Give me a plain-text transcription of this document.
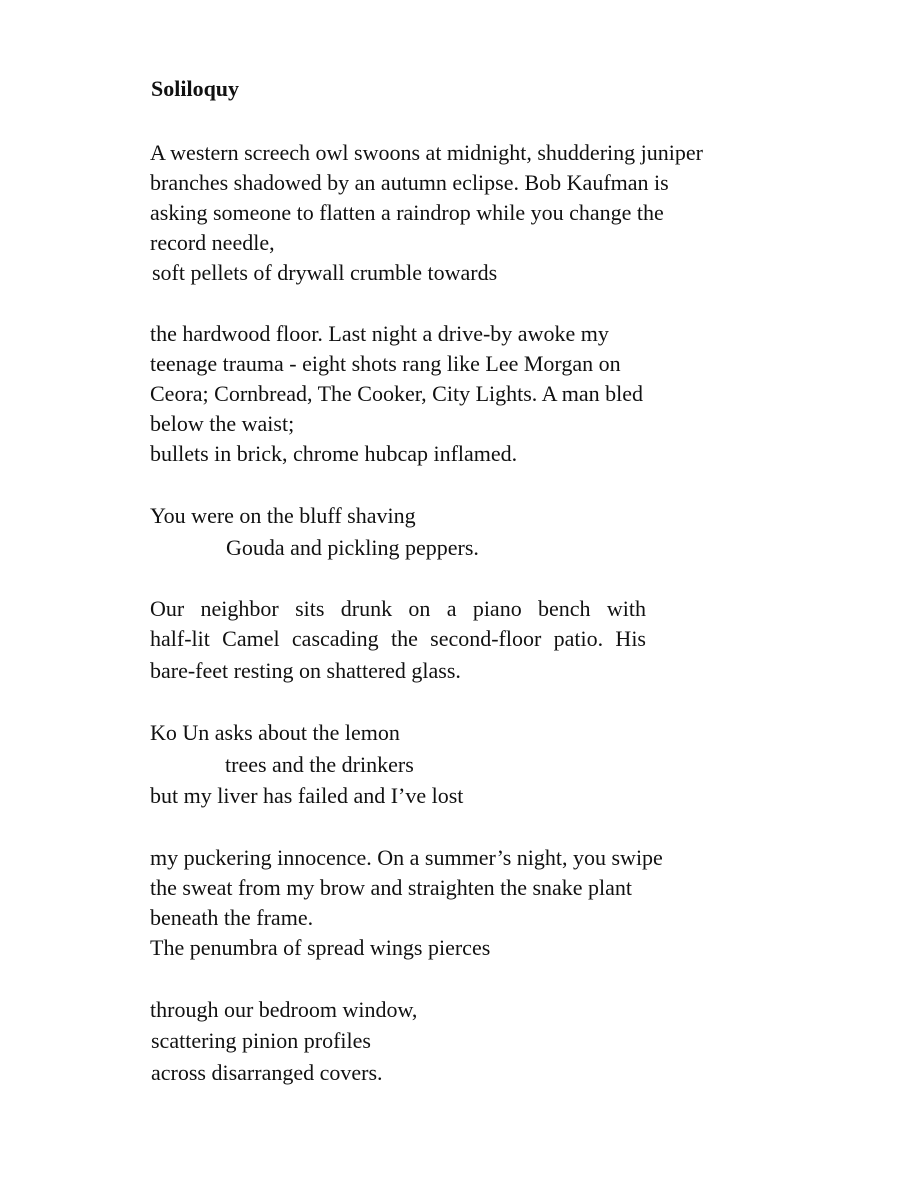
Soliloquy

A western screech owl swoons at midnight, shuddering juniper

branches shadowed by an autumn eclipse. Bob Kaufman is

asking someone to flatten a raindrop while you change the

record needle,

soft pellets of drywall crumble towards

the hardwood floor. Last night a drive-by awoke my

teenage trauma - eight shots rang like Lee Morgan on

Ceora; Cornbread, The Cooker, City Lights. A man bled

below the waist;

bullets in brick, chrome hubcap inflamed.

You were on the bluff shaving

Gouda and pickling peppers.

Our neighbor sits drunk on a piano bench with

half-lit Camel cascading the second-floor patio. His

bare-feet resting on shattered glass.

Ko Un asks about the lemon

trees and the drinkers

but my liver has failed and I’ve lost

my puckering innocence. On a summer’s night, you swipe

the sweat from my brow and straighten the snake plant

beneath the frame.

The penumbra of spread wings pierces

through our bedroom window,

scattering pinion profiles

across disarranged covers.
